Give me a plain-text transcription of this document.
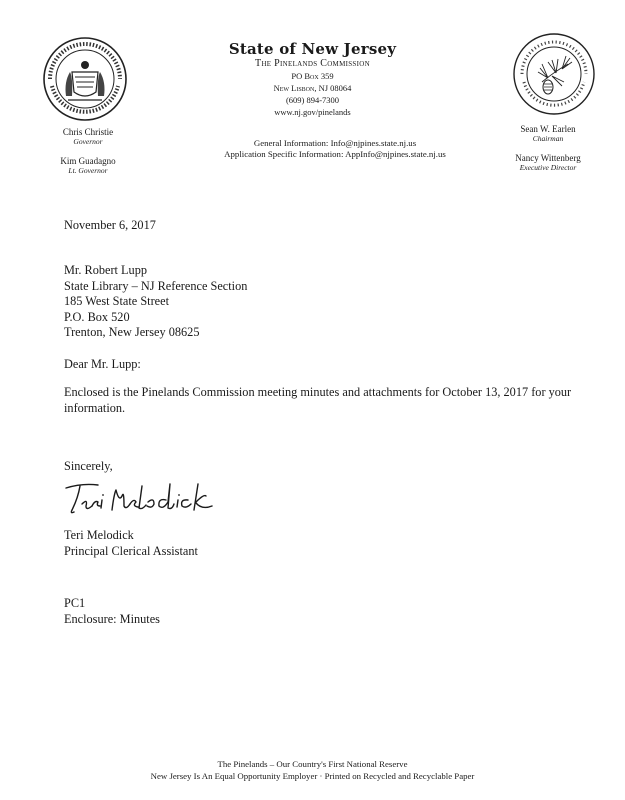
State of New Jersey
The Pinelands Commission
PO Box 359
New Lisbon, NJ 08064
(609) 894-7300
www.nj.gov/pinelands
General Information: Info@njpines.state.nj.us
Application Specific Information: AppInfo@njpines.state.nj.us
Chris Christie
Governor
Kim Guadagno
Lt. Governor
Sean W. Earlen
Chairman
Nancy Wittenberg
Executive Director
November 6, 2017
Mr. Robert Lupp
State Library – NJ Reference Section
185 West State Street
P.O. Box 520
Trenton, New Jersey 08625
Dear Mr. Lupp:
Enclosed is the Pinelands Commission meeting minutes and attachments for October 13, 2017 for your information.
Sincerely,
Teri Melodick
Principal Clerical Assistant
PC1
Enclosure: Minutes
The Pinelands – Our Country's First National Reserve
New Jersey Is An Equal Opportunity Employer · Printed on Recycled and Recyclable Paper
